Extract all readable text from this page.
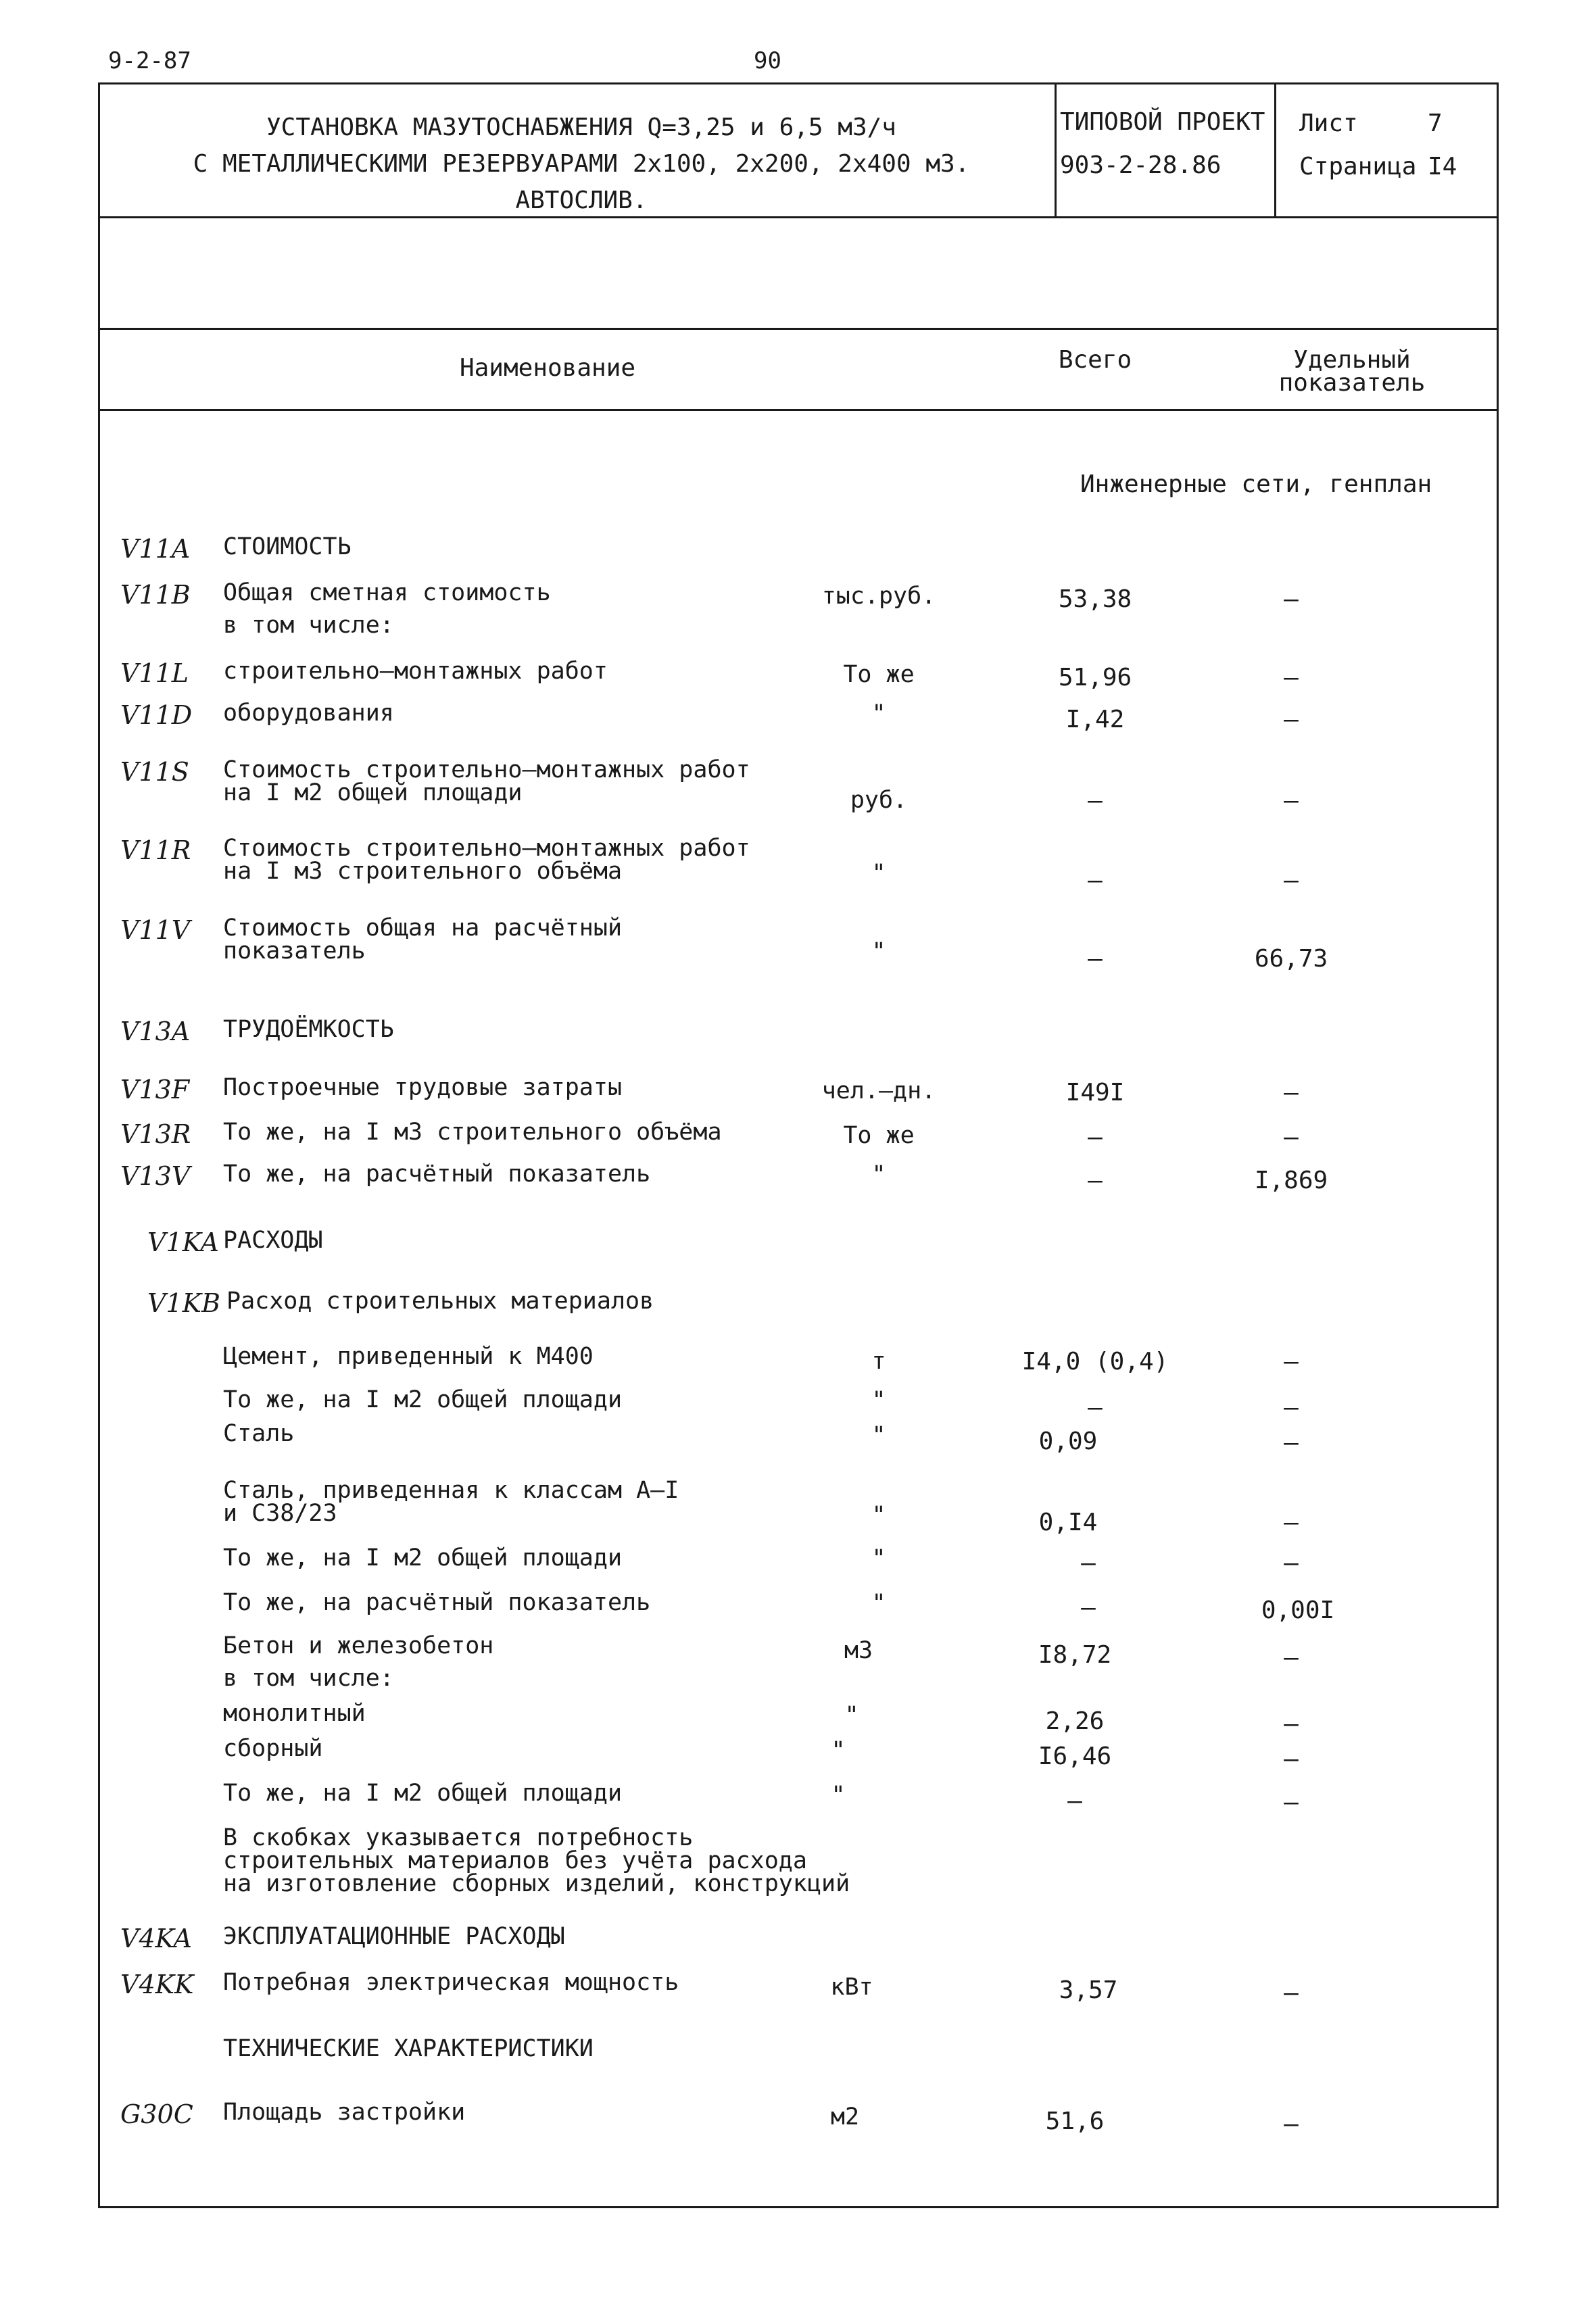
9-2-87	90
УСТАНОВКА МАЗУТОСНАБЖЕНИЯ Q=3,25 и 6,5 м3/ч
С МЕТАЛЛИЧЕСКИМИ РЕЗЕРВУАРАМИ 2х100, 2х200, 2х400 м3.
АВТОСЛИВ.
ТИПОВОЙ ПРОЕКТ
903-2-28.86
Лист	7
Страница I4
Наименование	Всего	Удельный
показатель
Инженерные сети, генплан
V11A СТОИМОСТЬ
V11B Общая сметная стоимость
в том числе:
тыс.руб.	53,38	–
V11L строительно–монтажных работ	То же	51,96	–
V11D оборудования	"	I,42	–
V11S Стоимость строительно–монтажных работ
на I м2 общей площади	руб.	–	–
V11R Стоимость строительно–монтажных работ
на I м3 строительного объёма	"	–	–
V11V Стоимость общая на расчётный
показатель	"	–	66,73
V13A ТРУДОЁМКОСТЬ
V13F Построечные трудовые затраты	чел.–дн.	I49I	–
V13R То же, на I м3 строительного объёма	То же	–	–
V13V То же, на расчётный показатель	"	–	I,869
V1KA РАСХОДЫ
V1KB Расход строительных материалов
Цемент, приведенный к М400	т	I4,0 (0,4)	–
То же, на I м2 общей площади	"	–	–
Сталь	"	0,09	–
Сталь, приведенная к классам А–I
и С38/23	"	0,I4	–
То же, на I м2 общей площади	"	–	–
То же, на расчётный показатель	"	–	0,00I
Бетон и железобетон
в том числе:
м3	I8,72	–
монолитный	"	2,26	–
сборный	"	I6,46	–
То же, на I м2 общей площади	"	–	–
В скобках указывается потребность
строительных материалов без учёта расхода
на изготовление сборных изделий, конструкций
V4KA ЭКСПЛУАТАЦИОННЫЕ РАСХОДЫ
V4KK Потребная электрическая мощность	кВт	3,57	–
ТЕХНИЧЕСКИЕ ХАРАКТЕРИСТИКИ
G30C Площадь застройки	м2	51,6	–
